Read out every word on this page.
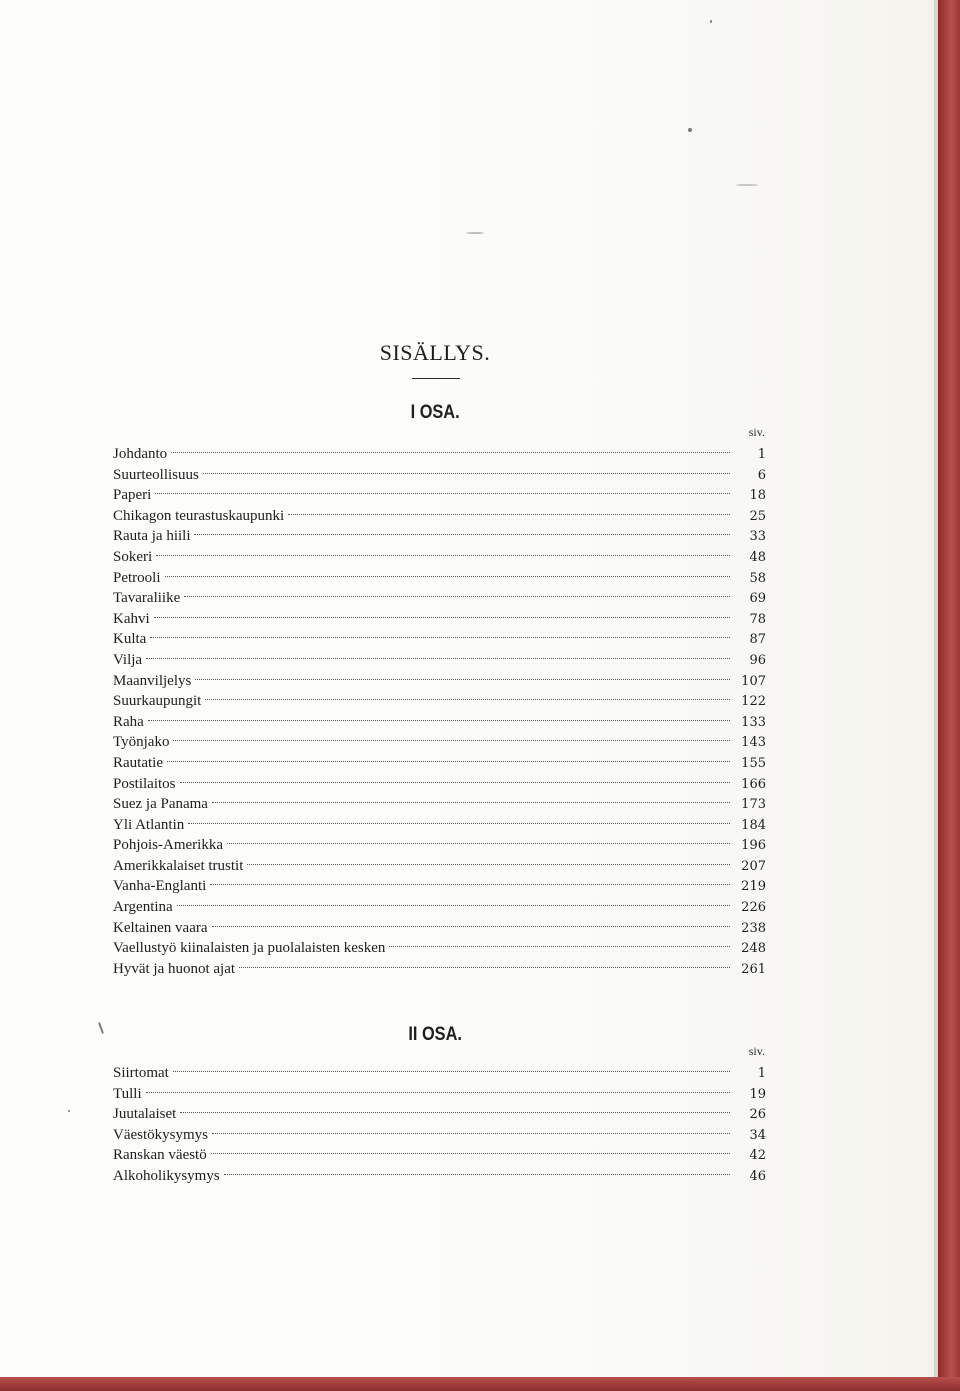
SISÄLLYS.
I OSA.
siv.
Johdanto	1
Suurteollisuus	6
Paperi	18
Chikagon teurastuskaupunki	25
Rauta ja hiili	33
Sokeri	48
Petrooli	58
Tavaraliike	69
Kahvi	78
Kulta	87
Vilja	96
Maanviljelys	107
Suurkaupungit	122
Raha	133
Työnjako	143
Rautatie	155
Postilaitos	166
Suez ja Panama	173
Yli Atlantin	184
Pohjois-Amerikka	196
Amerikkalaiset trustit	207
Vanha-Englanti	219
Argentina	226
Keltainen vaara	238
Vaellustyö kiinalaisten ja puolalaisten kesken	248
Hyvät ja huonot ajat	261
II OSA.
siv.
Siirtomat	1
Tulli	19
Juutalaiset	26
Väestökysymys	34
Ranskan väestö	42
Alkoholikysymys	46
